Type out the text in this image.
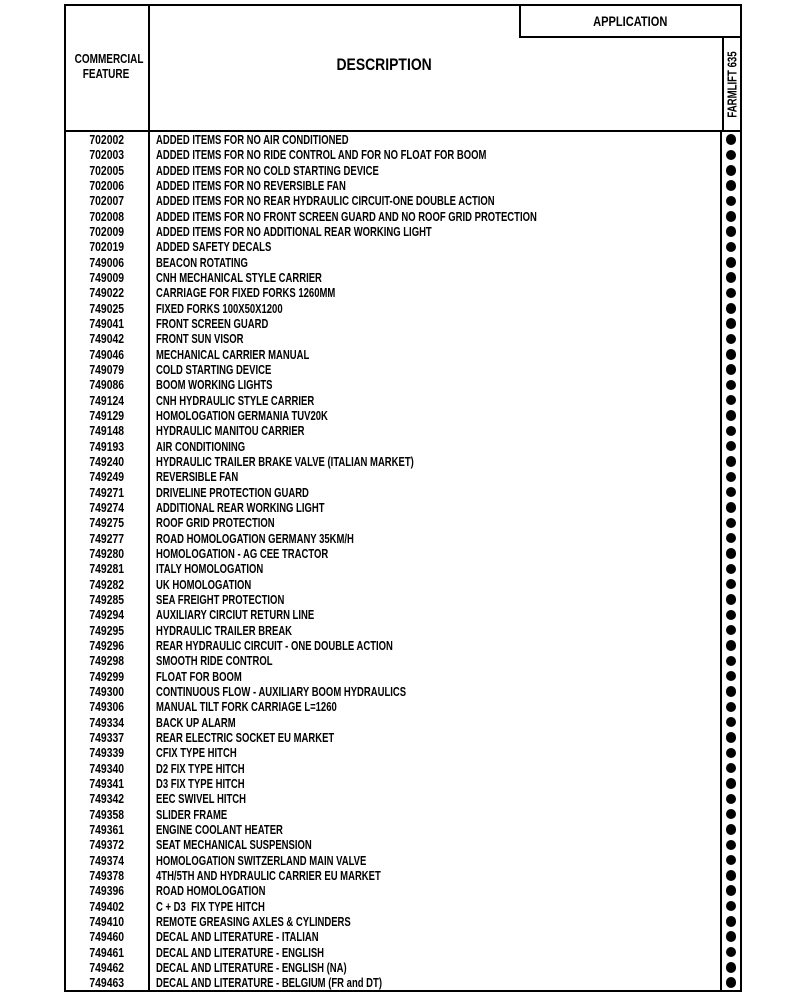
COMMERCIAL
FEATURE	DESCRIPTION
APPLICATION
FARMLIFT 635
702002 ADDED ITEMS FOR NO AIR CONDITIONED
702003 ADDED ITEMS FOR NO RIDE CONTROL AND FOR NO FLOAT FOR BOOM
702005 ADDED ITEMS FOR NO COLD STARTING DEVICE
702006 ADDED ITEMS FOR NO REVERSIBLE FAN
702007 ADDED ITEMS FOR NO REAR HYDRAULIC CIRCUIT-ONE DOUBLE ACTION
702008 ADDED ITEMS FOR NO FRONT SCREEN GUARD AND NO ROOF GRID PROTECTION
702009 ADDED ITEMS FOR NO ADDITIONAL REAR WORKING LIGHT
702019 ADDED SAFETY DECALS
749006 BEACON ROTATING
749009 CNH MECHANICAL STYLE CARRIER
749022 CARRIAGE FOR FIXED FORKS 1260MM
749025 FIXED FORKS 100X50X1200
749041 FRONT SCREEN GUARD
749042 FRONT SUN VISOR
749046 MECHANICAL CARRIER MANUAL
749079 COLD STARTING DEVICE
749086 BOOM WORKING LIGHTS
749124 CNH HYDRAULIC STYLE CARRIER
749129 HOMOLOGATION GERMANIA TUV20K
749148 HYDRAULIC MANITOU CARRIER
749193 AIR CONDITIONING
749240 HYDRAULIC TRAILER BRAKE VALVE (ITALIAN MARKET)
749249 REVERSIBLE FAN
749271 DRIVELINE PROTECTION GUARD
749274 ADDITIONAL REAR WORKING LIGHT
749275 ROOF GRID PROTECTION
749277 ROAD HOMOLOGATION GERMANY 35KM/H
749280 HOMOLOGATION - AG CEE TRACTOR
749281 ITALY HOMOLOGATION
749282 UK HOMOLOGATION
749285 SEA FREIGHT PROTECTION
749294 AUXILIARY CIRCIUT RETURN LINE
749295 HYDRAULIC TRAILER BREAK
749296 REAR HYDRAULIC CIRCUIT - ONE DOUBLE ACTION
749298 SMOOTH RIDE CONTROL
749299 FLOAT FOR BOOM
749300 CONTINUOUS FLOW - AUXILIARY BOOM HYDRAULICS
749306 MANUAL TILT FORK CARRIAGE L=1260
749334 BACK UP ALARM
749337 REAR ELECTRIC SOCKET EU MARKET
749339 CFIX TYPE HITCH
749340 D2 FIX TYPE HITCH
749341 D3 FIX TYPE HITCH
749342 EEC SWIVEL HITCH
749358 SLIDER FRAME
749361 ENGINE COOLANT HEATER
749372 SEAT MECHANICAL SUSPENSION
749374 HOMOLOGATION SWITZERLAND MAIN VALVE
749378 4TH/5TH AND HYDRAULIC CARRIER EU MARKET
749396 ROAD HOMOLOGATION
749402 C + D3  FIX TYPE HITCH
749410 REMOTE GREASING AXLES & CYLINDERS
749460 DECAL AND LITERATURE - ITALIAN
749461 DECAL AND LITERATURE - ENGLISH
749462 DECAL AND LITERATURE - ENGLISH (NA)
749463 DECAL AND LITERATURE - BELGIUM (FR and DT)
